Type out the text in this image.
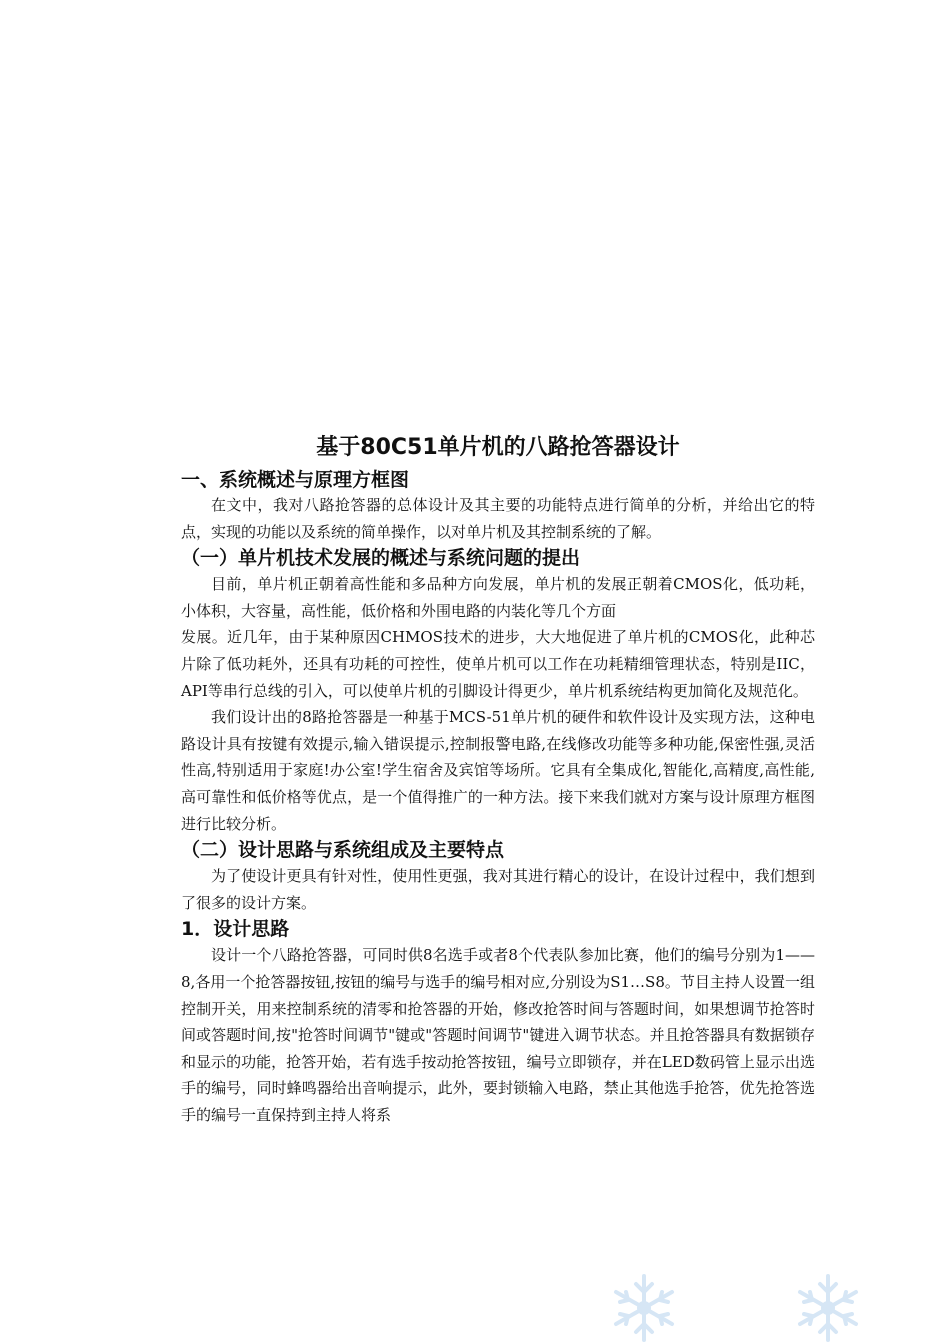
基于80C51单片机的八路抢答器设计
一、系统概述与原理方框图

在文中，我对八路抢答器的总体设计及其主要的功能特点进行简单的分析，并给出它的特点，实现的功能以及系统的简单操作，以对单片机及其控制系统的了解。

（一）单片机技术发展的概述与系统问题的提出

目前，单片机正朝着高性能和多品种方向发展，单片机的发展正朝着CMOS化，低功耗，小体积，大容量，高性能，低价格和外围电路的内装化等几个方面

发展。近几年，由于某种原因CHMOS技术的进步，大大地促进了单片机的CMOS化，此种芯片除了低功耗外，还具有功耗的可控性，使单片机可以工作在功耗精细管理状态，特别是IIC，API等串行总线的引入，可以使单片机的引脚设计得更少，单片机系统结构更加简化及规范化。

我们设计出的8路抢答器是一种基于MCS-51单片机的硬件和软件设计及实现方法，这种电路设计具有按键有效提示,输入错误提示,控制报警电路,在线修改功能等多种功能,保密性强,灵活性高,特别适用于家庭!办公室!学生宿舍及宾馆等场所。它具有全集成化,智能化,高精度,高性能,高可靠性和低价格等优点，是一个值得推广的一种方法。接下来我们就对方案与设计原理方框图进行比较分析。

（二）设计思路与系统组成及主要特点

为了使设计更具有针对性，使用性更强，我对其进行精心的设计，在设计过程中，我们想到了很多的设计方案。

1．设计思路

设计一个八路抢答器，可同时供8名选手或者8个代表队参加比赛，他们的编号分别为1——8,各用一个抢答器按钮,按钮的编号与选手的编号相对应,分别设为S1…S8。节目主持人设置一组控制开关，用来控制系统的清零和抢答器的开始，修改抢答时间与答题时间，如果想调节抢答时间或答题时间,按"抢答时间调节"键或"答题时间调节"键进入调节状态。并且抢答器具有数据锁存和显示的功能，抢答开始，若有选手按动抢答按钮，编号立即锁存，并在LED数码管上显示出选手的编号，同时蜂鸣器给出音响提示，此外，要封锁输入电路，禁止其他选手抢答，优先抢答选手的编号一直保持到主持人将系
